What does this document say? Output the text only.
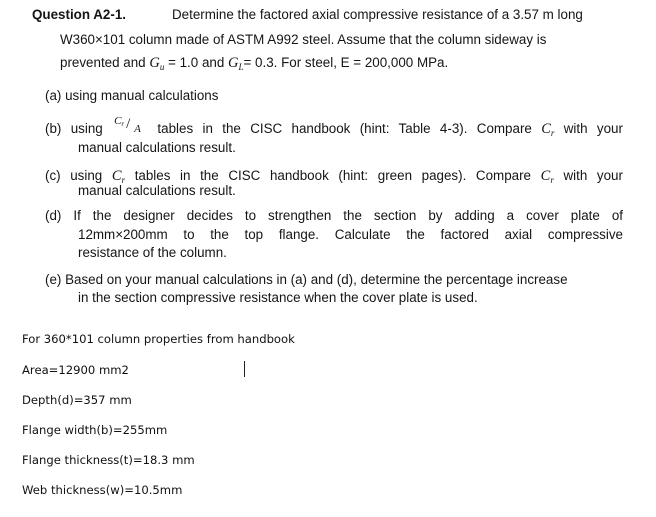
Question A2-1.	Determine the factored axial compressive resistance of a 3.57 m long
W360×101 column made of ASTM A992 steel. Assume that the column sideway is
prevented and $G_u = 1.0$ and $G_L= 0.3$. For steel, E = 200,000 MPa.
(a) using manual calculations
(b) using $C_r$ / A tables in the CISC handbook (hint: Table 4-3). Compare $C_r$ with your
manual calculations result.
(c) using $C_r$ tables in the CISC handbook (hint: green pages). Compare $C_r$ with your
manual calculations result.
(d) If the designer decides to strengthen the section by adding a cover plate of
12mm×200mm to the top flange. Calculate the factored axial compressive
resistance of the column.
(e) Based on your manual calculations in (a) and (d), determine the percentage increase
in the section compressive resistance when the cover plate is used.
For 360*101 column properties from handbook
Area=12900 mm2
Depth(d)=357 mm
Flange width(b)=255mm
Flange thickness(t)=18.3 mm
Web thickness(w)=10.5mm
